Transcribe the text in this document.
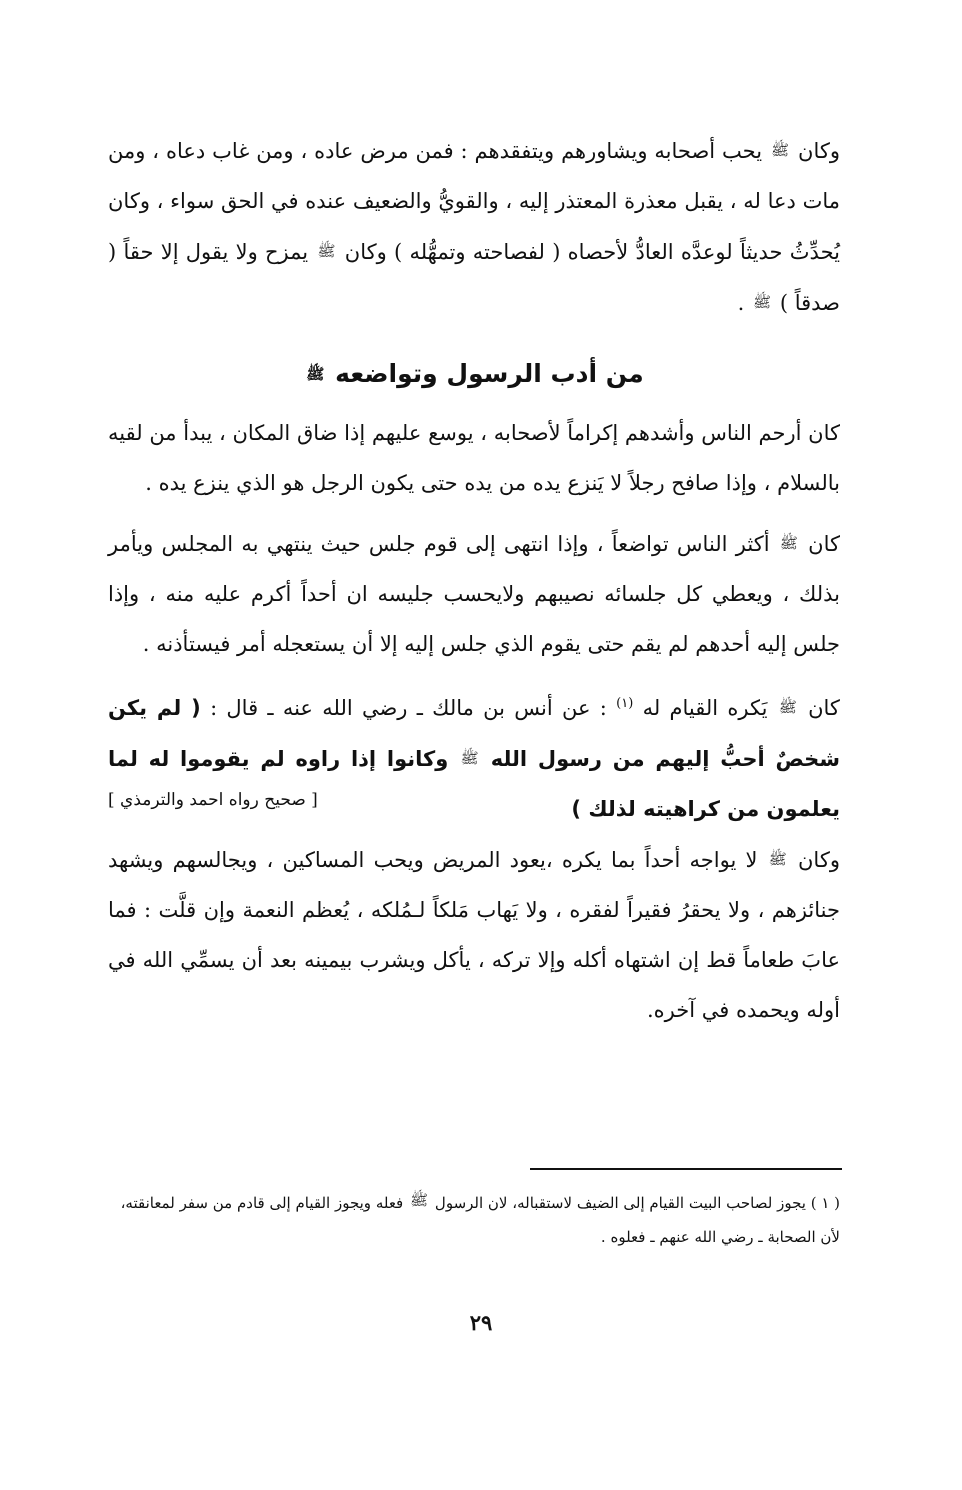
وكان ﷺ يحب أصحابه ويشاورهم ويتفقدهم : فمن مرض عاده ، ومن غاب دعاه ، ومن مات دعا له ، يقبل معذرة المعتذر إليه ، والقويُّ والضعيف عنده في الحق سواء ، وكان يُحدِّثُ حديثاً لوعدَّه العادُّ لأحصاه ( لفصاحته وتمهُّله ) وكان ﷺ يمزح ولا يقول إلا حقاً ( صدقاً ) ﷺ .

من أدب الرسول وتواضعه ﷺ

كان أرحم الناس وأشدهم إكراماً لأصحابه ، يوسع عليهم إذا ضاق المكان ، يبدأ من لقيه بالسلام ، وإذا صافح رجلاً لا يَنزع يده من يده حتى يكون الرجل هو الذي ينزع يده .

كان ﷺ أكثر الناس تواضعاً ، وإذا انتهى إلى قوم جلس حيث ينتهي به المجلس ويأمر بذلك ، ويعطي كل جلسائه نصيبهم ولايحسب جليسه ان أحداً أكرم عليه منه ، وإذا جلس إليه أحدهم لم يقم حتى يقوم الذي جلس إليه إلا أن يستعجله أمر فيستأذنه .

كان ﷺ يَكره القيام له $^{(١)}$ : عن أنس بن مالك ـ رضي الله عنه ـ قال : ( لم يكن شخصٌ أحبُّ إليهم من رسول الله ﷺ وكانوا إذا راوه لم يقوموا له لما يعلمون من كراهيته لذلك )

[ صحيح رواه احمد والترمذي ]

وكان ﷺ لا يواجه أحداً بما يكره ،يعود المريض ويحب المساكين ، ويجالسهم ويشهد جنائزهم ، ولا يحقرُ فقيراً لفقره ، ولا يَهاب مَلكاً لـمُلكه ، يُعظم النعمة وإن قلَّت : فما عابَ طعاماً قط إن اشتهاه أكله وإلا تركه ، يأكل ويشرب بيمينه بعد أن يسمِّي الله في أوله ويحمده في آخره.

( ١ ) يجوز لصاحب البيت القيام إلى الضيف لاستقباله، لان الرسول ﷺ فعله ويجوز القيام إلى قادم من سفر لمعانقته، لأن الصحابة ـ رضي الله عنهم ـ فعلوه .
٢٩
